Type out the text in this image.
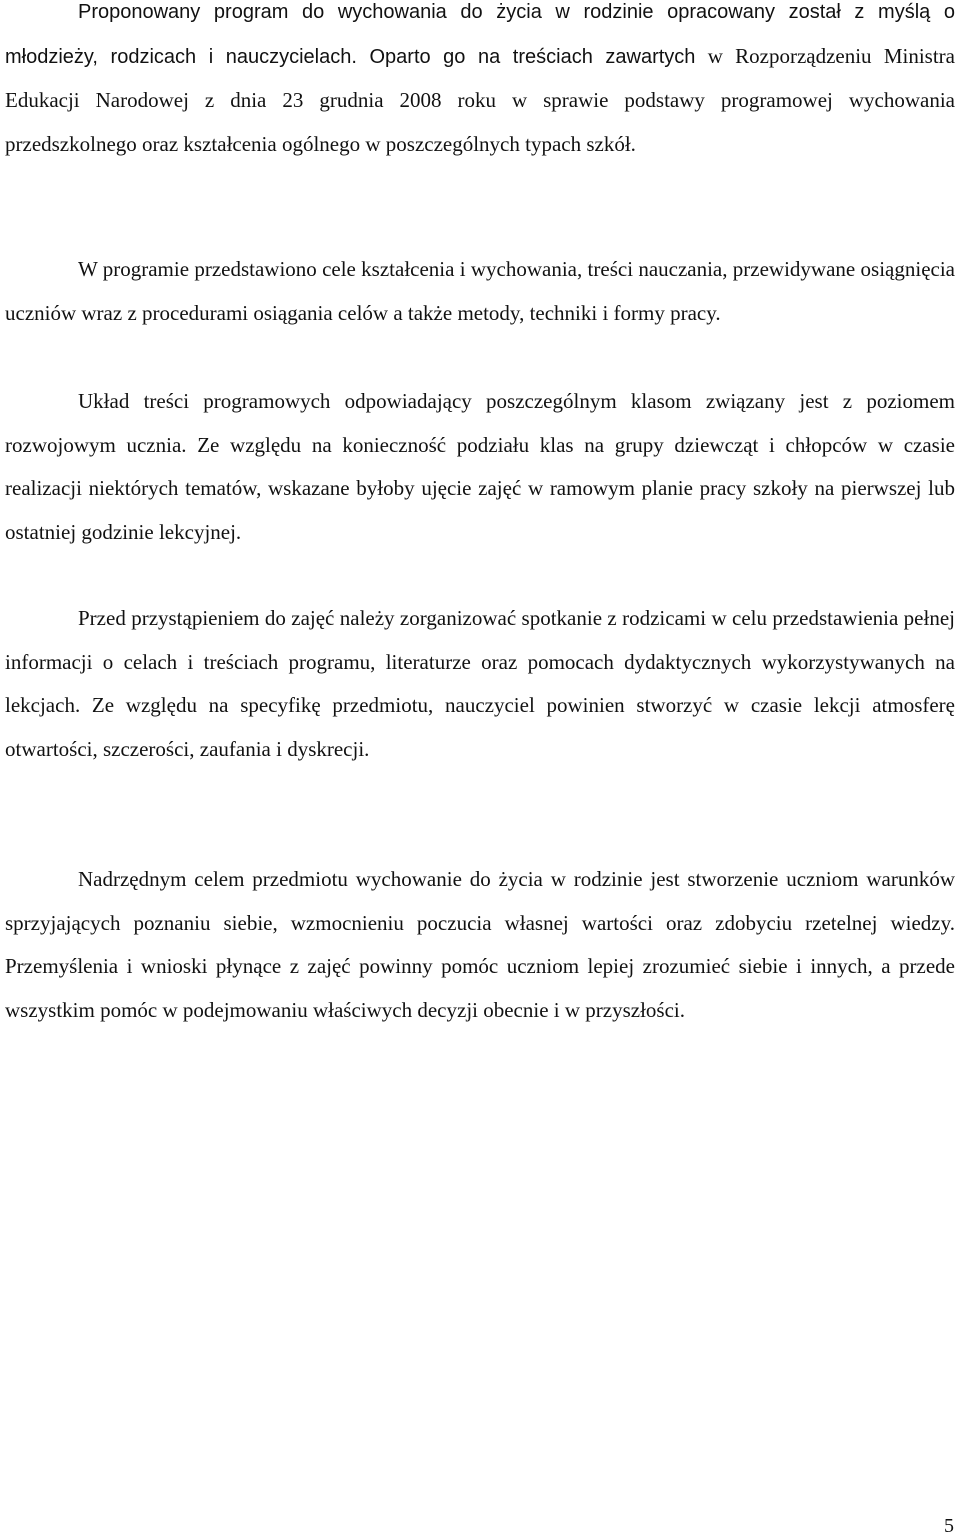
Proponowany program do wychowania do życia w rodzinie opracowany został z myślą o młodzieży, rodzicach i nauczycielach. Oparto go na treściach zawartych w Rozporządzeniu Ministra Edukacji Narodowej z dnia 23 grudnia 2008 roku w sprawie podstawy programowej wychowania przedszkolnego oraz kształcenia ogólnego w poszczególnych typach szkół.

W programie przedstawiono cele kształcenia i wychowania, treści nauczania, przewidywane osiągnięcia uczniów wraz z procedurami osiągania celów a także metody, techniki i formy pracy.

Układ treści programowych odpowiadający poszczególnym klasom związany jest z poziomem rozwojowym ucznia. Ze względu na konieczność podziału klas na grupy dziewcząt i chłopców w czasie realizacji niektórych tematów, wskazane byłoby ujęcie zajęć w ramowym planie pracy szkoły na pierwszej lub ostatniej godzinie lekcyjnej.

Przed przystąpieniem do zajęć należy zorganizować spotkanie z rodzicami w celu przedstawienia pełnej informacji o celach i treściach programu, literaturze oraz pomocach dydaktycznych wykorzystywanych na lekcjach. Ze względu na specyfikę przedmiotu, nauczyciel powinien stworzyć w czasie lekcji atmosferę otwartości, szczerości, zaufania i dyskrecji.

Nadrzędnym celem przedmiotu wychowanie do życia w rodzinie jest stworzenie uczniom warunków sprzyjających poznaniu siebie, wzmocnieniu poczucia własnej wartości oraz zdobyciu rzetelnej wiedzy. Przemyślenia i wnioski płynące z zajęć powinny pomóc uczniom lepiej zrozumieć siebie i innych, a przede wszystkim pomóc w podejmowaniu właściwych decyzji obecnie i w przyszłości.

5
